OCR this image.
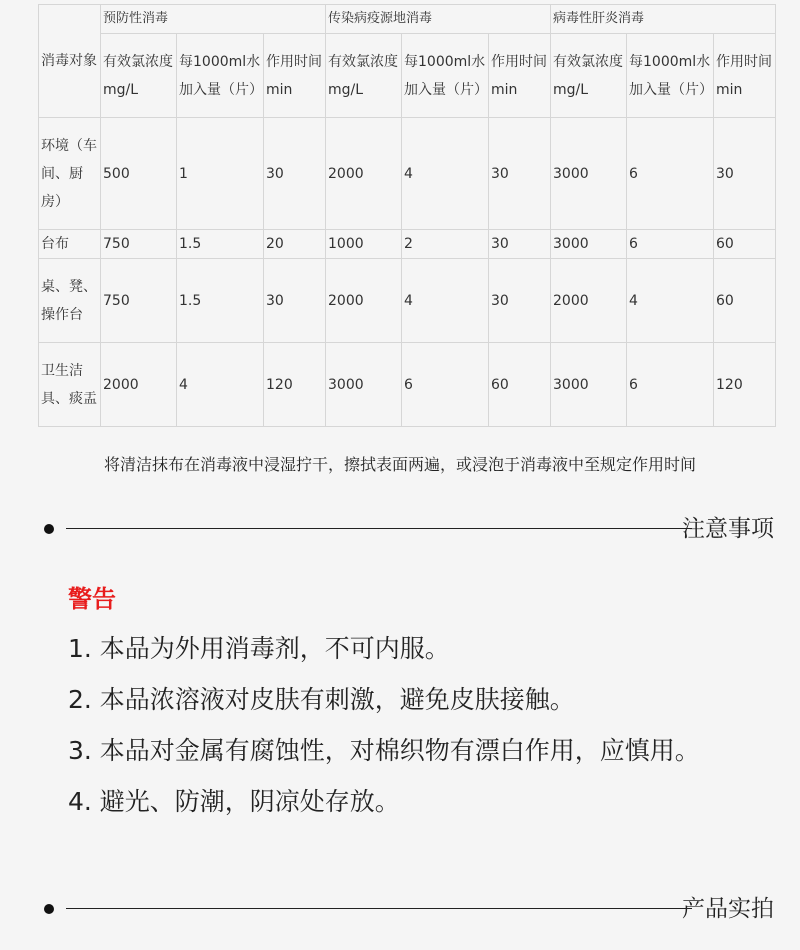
消毒对象	预防性消毒			传染病疫源地消毒			病毒性肝炎消毒		
	有效氯浓度 mg/L	每1000ml水加入量（片）	作用时间 min	有效氯浓度 mg/L	每1000ml水加入量（片）	作用时间 min	有效氯浓度 mg/L	每1000ml水加入量（片）	作用时间 min
环境（车间、厨房）	500	1	30	2000	4	30	3000	6	30
台布	750	1.5	20	1000	2	30	3000	6	60
桌、凳、操作台	750	1.5	30	2000	4	30	2000	4	60
卫生洁具、痰盂	2000	4	120	3000	6	60	3000	6	120
将清洁抹布在消毒液中浸湿拧干，擦拭表面两遍，或浸泡于消毒液中至规定作用时间
注意事项
警告
1. 本品为外用消毒剂，不可内服。
2. 本品浓溶液对皮肤有刺激，避免皮肤接触。
3. 本品对金属有腐蚀性，对棉织物有漂白作用，应慎用。
4. 避光、防潮，阴凉处存放。
产品实拍
